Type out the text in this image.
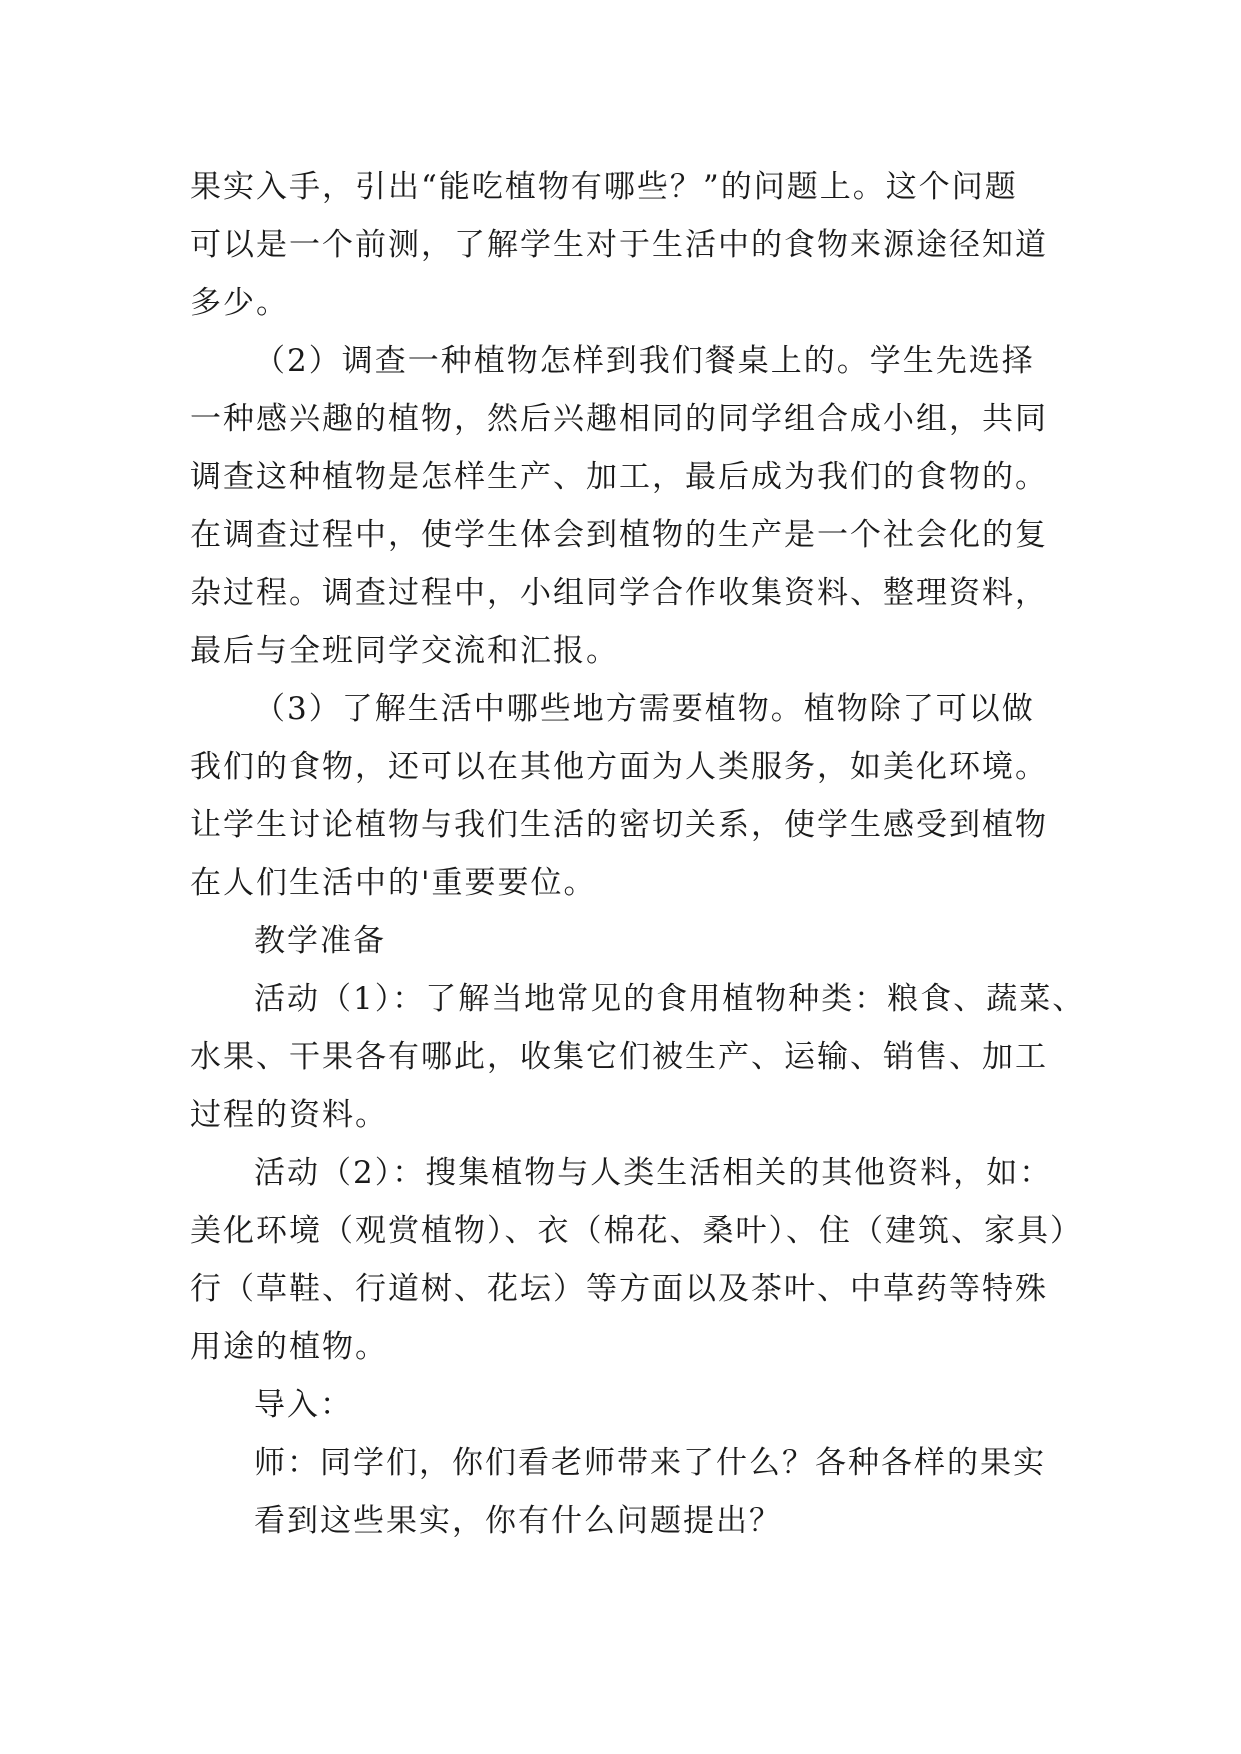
果实入手，引出“能吃植物有哪些？”的问题上。这个问题
可以是一个前测，了解学生对于生活中的食物来源途径知道
多少。
（2）调查一种植物怎样到我们餐桌上的。学生先选择
一种感兴趣的植物，然后兴趣相同的同学组合成小组，共同
调查这种植物是怎样生产、加工，最后成为我们的食物的。
在调查过程中，使学生体会到植物的生产是一个社会化的复
杂过程。调查过程中，小组同学合作收集资料、整理资料，
最后与全班同学交流和汇报。
（3）了解生活中哪些地方需要植物。植物除了可以做
我们的食物，还可以在其他方面为人类服务，如美化环境。
让学生讨论植物与我们生活的密切关系，使学生感受到植物
在人们生活中的'重要要位。
教学准备
活动（1）：了解当地常见的食用植物种类：粮食、蔬菜、
水果、干果各有哪此，收集它们被生产、运输、销售、加工
过程的资料。
活动（2）：搜集植物与人类生活相关的其他资料，如：
美化环境（观赏植物）、衣（棉花、桑叶）、住（建筑、家具）
行（草鞋、行道树、花坛）等方面以及茶叶、中草药等特殊
用途的植物。
导入：
师：同学们，你们看老师带来了什么？各种各样的果实
看到这些果实，你有什么问题提出？
